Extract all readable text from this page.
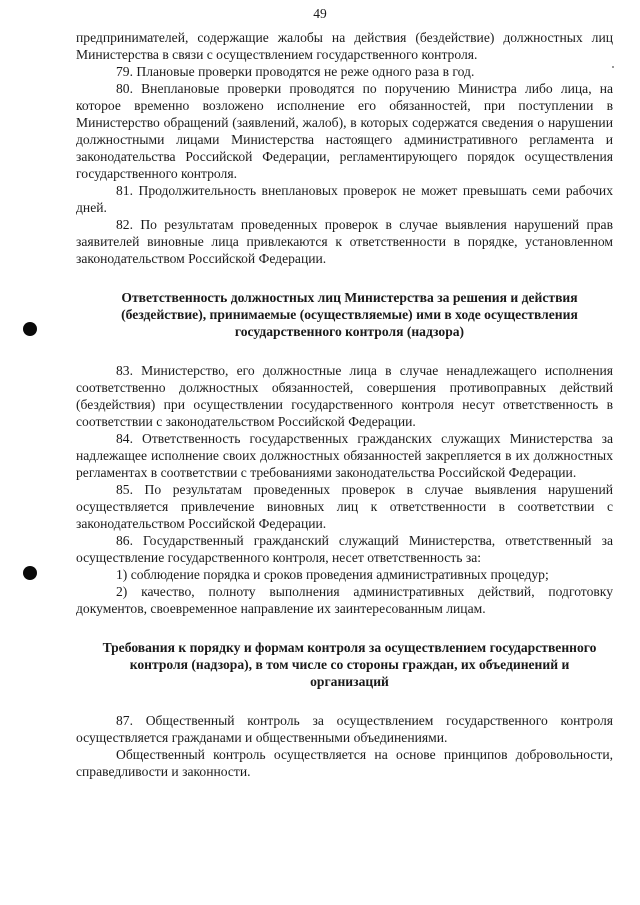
49

предпринимателей, содержащие жалобы на действия (бездействие) должностных лиц Министерства в связи с осуществлением государственного контроля.

79. Плановые проверки проводятся не реже одного раза в год.

80. Внеплановые проверки проводятся по поручению Министра либо лица, на которое временно возложено исполнение его обязанностей, при поступлении в Министерство обращений (заявлений, жалоб), в которых содержатся сведения о нарушении должностными лицами Министерства настоящего административного регламента и законодательства Российской Федерации, регламентирующего порядок осуществления государственного контроля.

81. Продолжительность внеплановых проверок не может превышать семи рабочих дней.

82. По результатам проведенных проверок в случае выявления нарушений прав заявителей виновные лица привлекаются к ответственности в порядке, установленном законодательством Российской Федерации.

Ответственность должностных лиц Министерства за решения и действия (бездействие), принимаемые (осуществляемые) ими в ходе осуществления государственного контроля (надзора)

83. Министерство, его должностные лица в случае ненадлежащего исполнения соответственно должностных обязанностей, совершения противоправных действий (бездействия) при осуществлении государственного контроля несут ответственность в соответствии с законодательством Российской Федерации.

84. Ответственность государственных гражданских служащих Министерства за надлежащее исполнение своих должностных обязанностей закрепляется в их должностных регламентах в соответствии с требованиями законодательства Российской Федерации.

85. По результатам проведенных проверок в случае выявления нарушений осуществляется привлечение виновных лиц к ответственности в соответствии с законодательством Российской Федерации.

86. Государственный гражданский служащий Министерства, ответственный за осуществление государственного контроля, несет ответственность за:

1) соблюдение порядка и сроков проведения административных процедур;

2) качество, полноту выполнения административных действий, подготовку документов, своевременное направление их заинтересованным лицам.

Требования к порядку и формам контроля за осуществлением государственного контроля (надзора), в том числе со стороны граждан, их объединений и организаций

87. Общественный контроль за осуществлением государственного контроля осуществляется гражданами и общественными объединениями.

Общественный контроль осуществляется на основе принципов добровольности, справедливости и законности.
